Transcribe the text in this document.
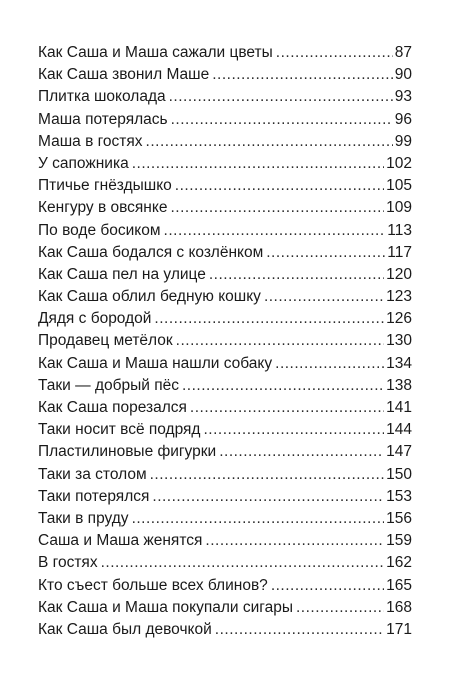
Как Саша и Маша сажали цветы .....	87
Как Саша звонил Маше .....	90
Плитка шоколада .....	93
Маша потерялась .....	96
Маша в гостях .....	99
У сапожника .....	102
Птичье гнёздышко .....	105
Кенгуру в овсянке .....	109
По воде босиком .....	113
Как Саша бодался с козлёнком .....	117
Как Саша пел на улице .....	120
Как Саша облил бедную кошку .....	123
Дядя с бородой .....	126
Продавец метёлок .....	130
Как Саша и Маша нашли собаку .....	134
Таки — добрый пёс .....	138
Как Саша порезался .....	141
Таки носит всё подряд .....	144
Пластилиновые фигурки .....	147
Таки за столом .....	150
Таки потерялся .....	153
Таки в пруду .....	156
Саша и Маша женятся .....	159
В гостях .....	162
Кто съест больше всех блинов? .....	165
Как Саша и Маша покупали сигары .....	168
Как Саша был девочкой .....	171
